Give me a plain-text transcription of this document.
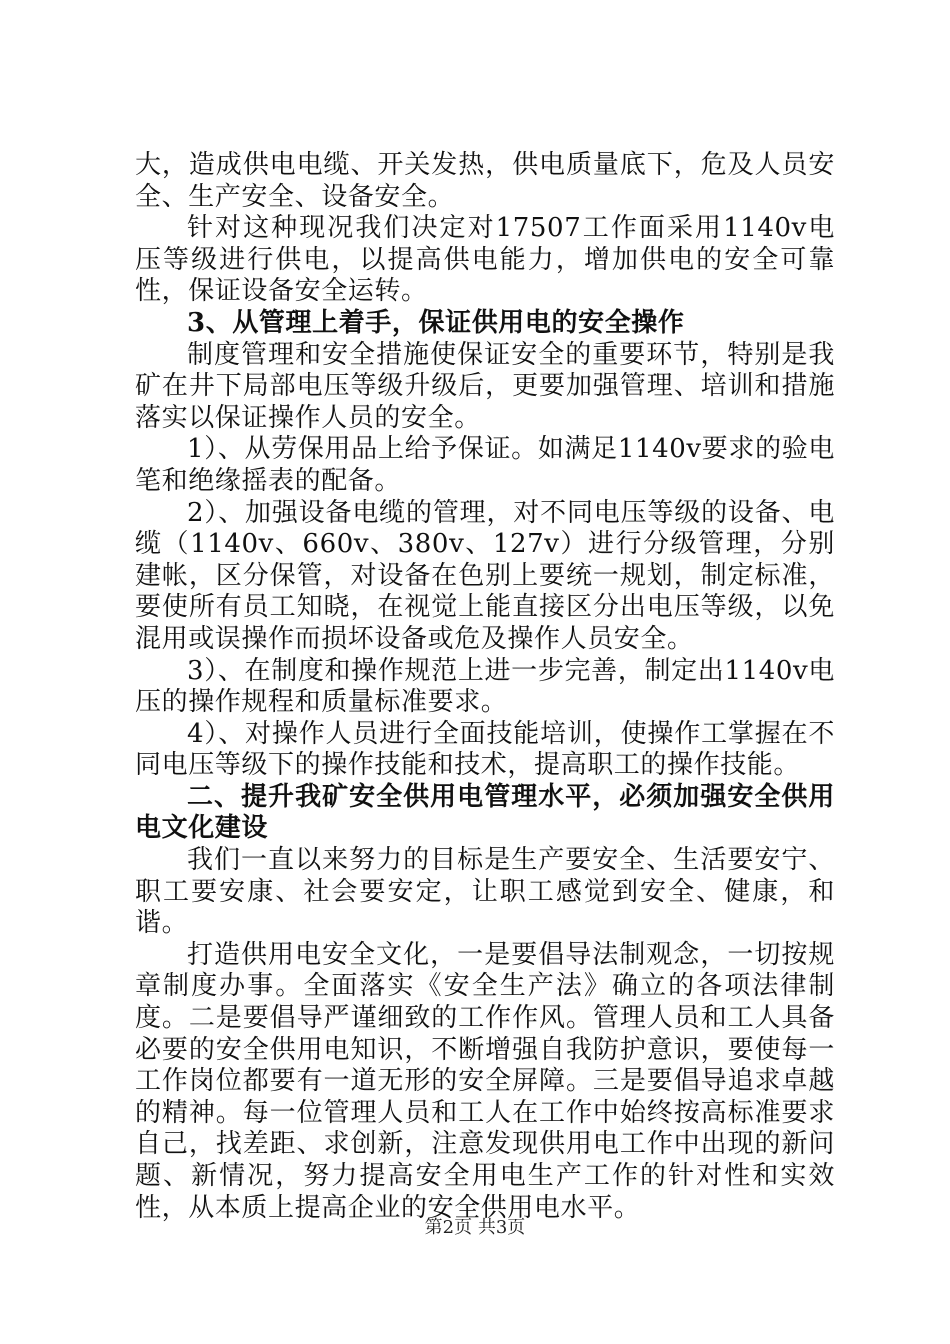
大，造成供电电缆、开关发热，供电质量底下，危及人员安全、生产安全、设备安全。

针对这种现况我们决定对17507工作面采用1140v电压等级进行供电，以提高供电能力，增加供电的安全可靠性，保证设备安全运转。

3、从管理上着手，保证供用电的安全操作

制度管理和安全措施使保证安全的重要环节，特别是我矿在井下局部电压等级升级后，更要加强管理、培训和措施落实以保证操作人员的安全。

1）、从劳保用品上给予保证。如满足1140v要求的验电笔和绝缘摇表的配备。

2）、加强设备电缆的管理，对不同电压等级的设备、电缆（1140v、660v、380v、127v）进行分级管理，分别建帐，区分保管，对设备在色别上要统一规划，制定标准，要使所有员工知晓，在视觉上能直接区分出电压等级，以免混用或误操作而损坏设备或危及操作人员安全。

3）、在制度和操作规范上进一步完善，制定出1140v电压的操作规程和质量标准要求。

4）、对操作人员进行全面技能培训，使操作工掌握在不同电压等级下的操作技能和技术，提高职工的操作技能。

二、提升我矿安全供用电管理水平，必须加强安全供用电文化建设

我们一直以来努力的目标是生产要安全、生活要安宁、职工要安康、社会要安定，让职工感觉到安全、健康，和谐。

打造供用电安全文化，一是要倡导法制观念，一切按规章制度办事。全面落实《安全生产法》确立的各项法律制度。二是要倡导严谨细致的工作作风。管理人员和工人具备必要的安全供用电知识，不断增强自我防护意识，要使每一工作岗位都要有一道无形的安全屏障。三是要倡导追求卓越的精神。每一位管理人员和工人在工作中始终按高标准要求自己，找差距、求创新，注意发现供用电工作中出现的新问题、新情况，努力提高安全用电生产工作的针对性和实效性，从本质上提高企业的安全供用电水平。

第2页 共3页
